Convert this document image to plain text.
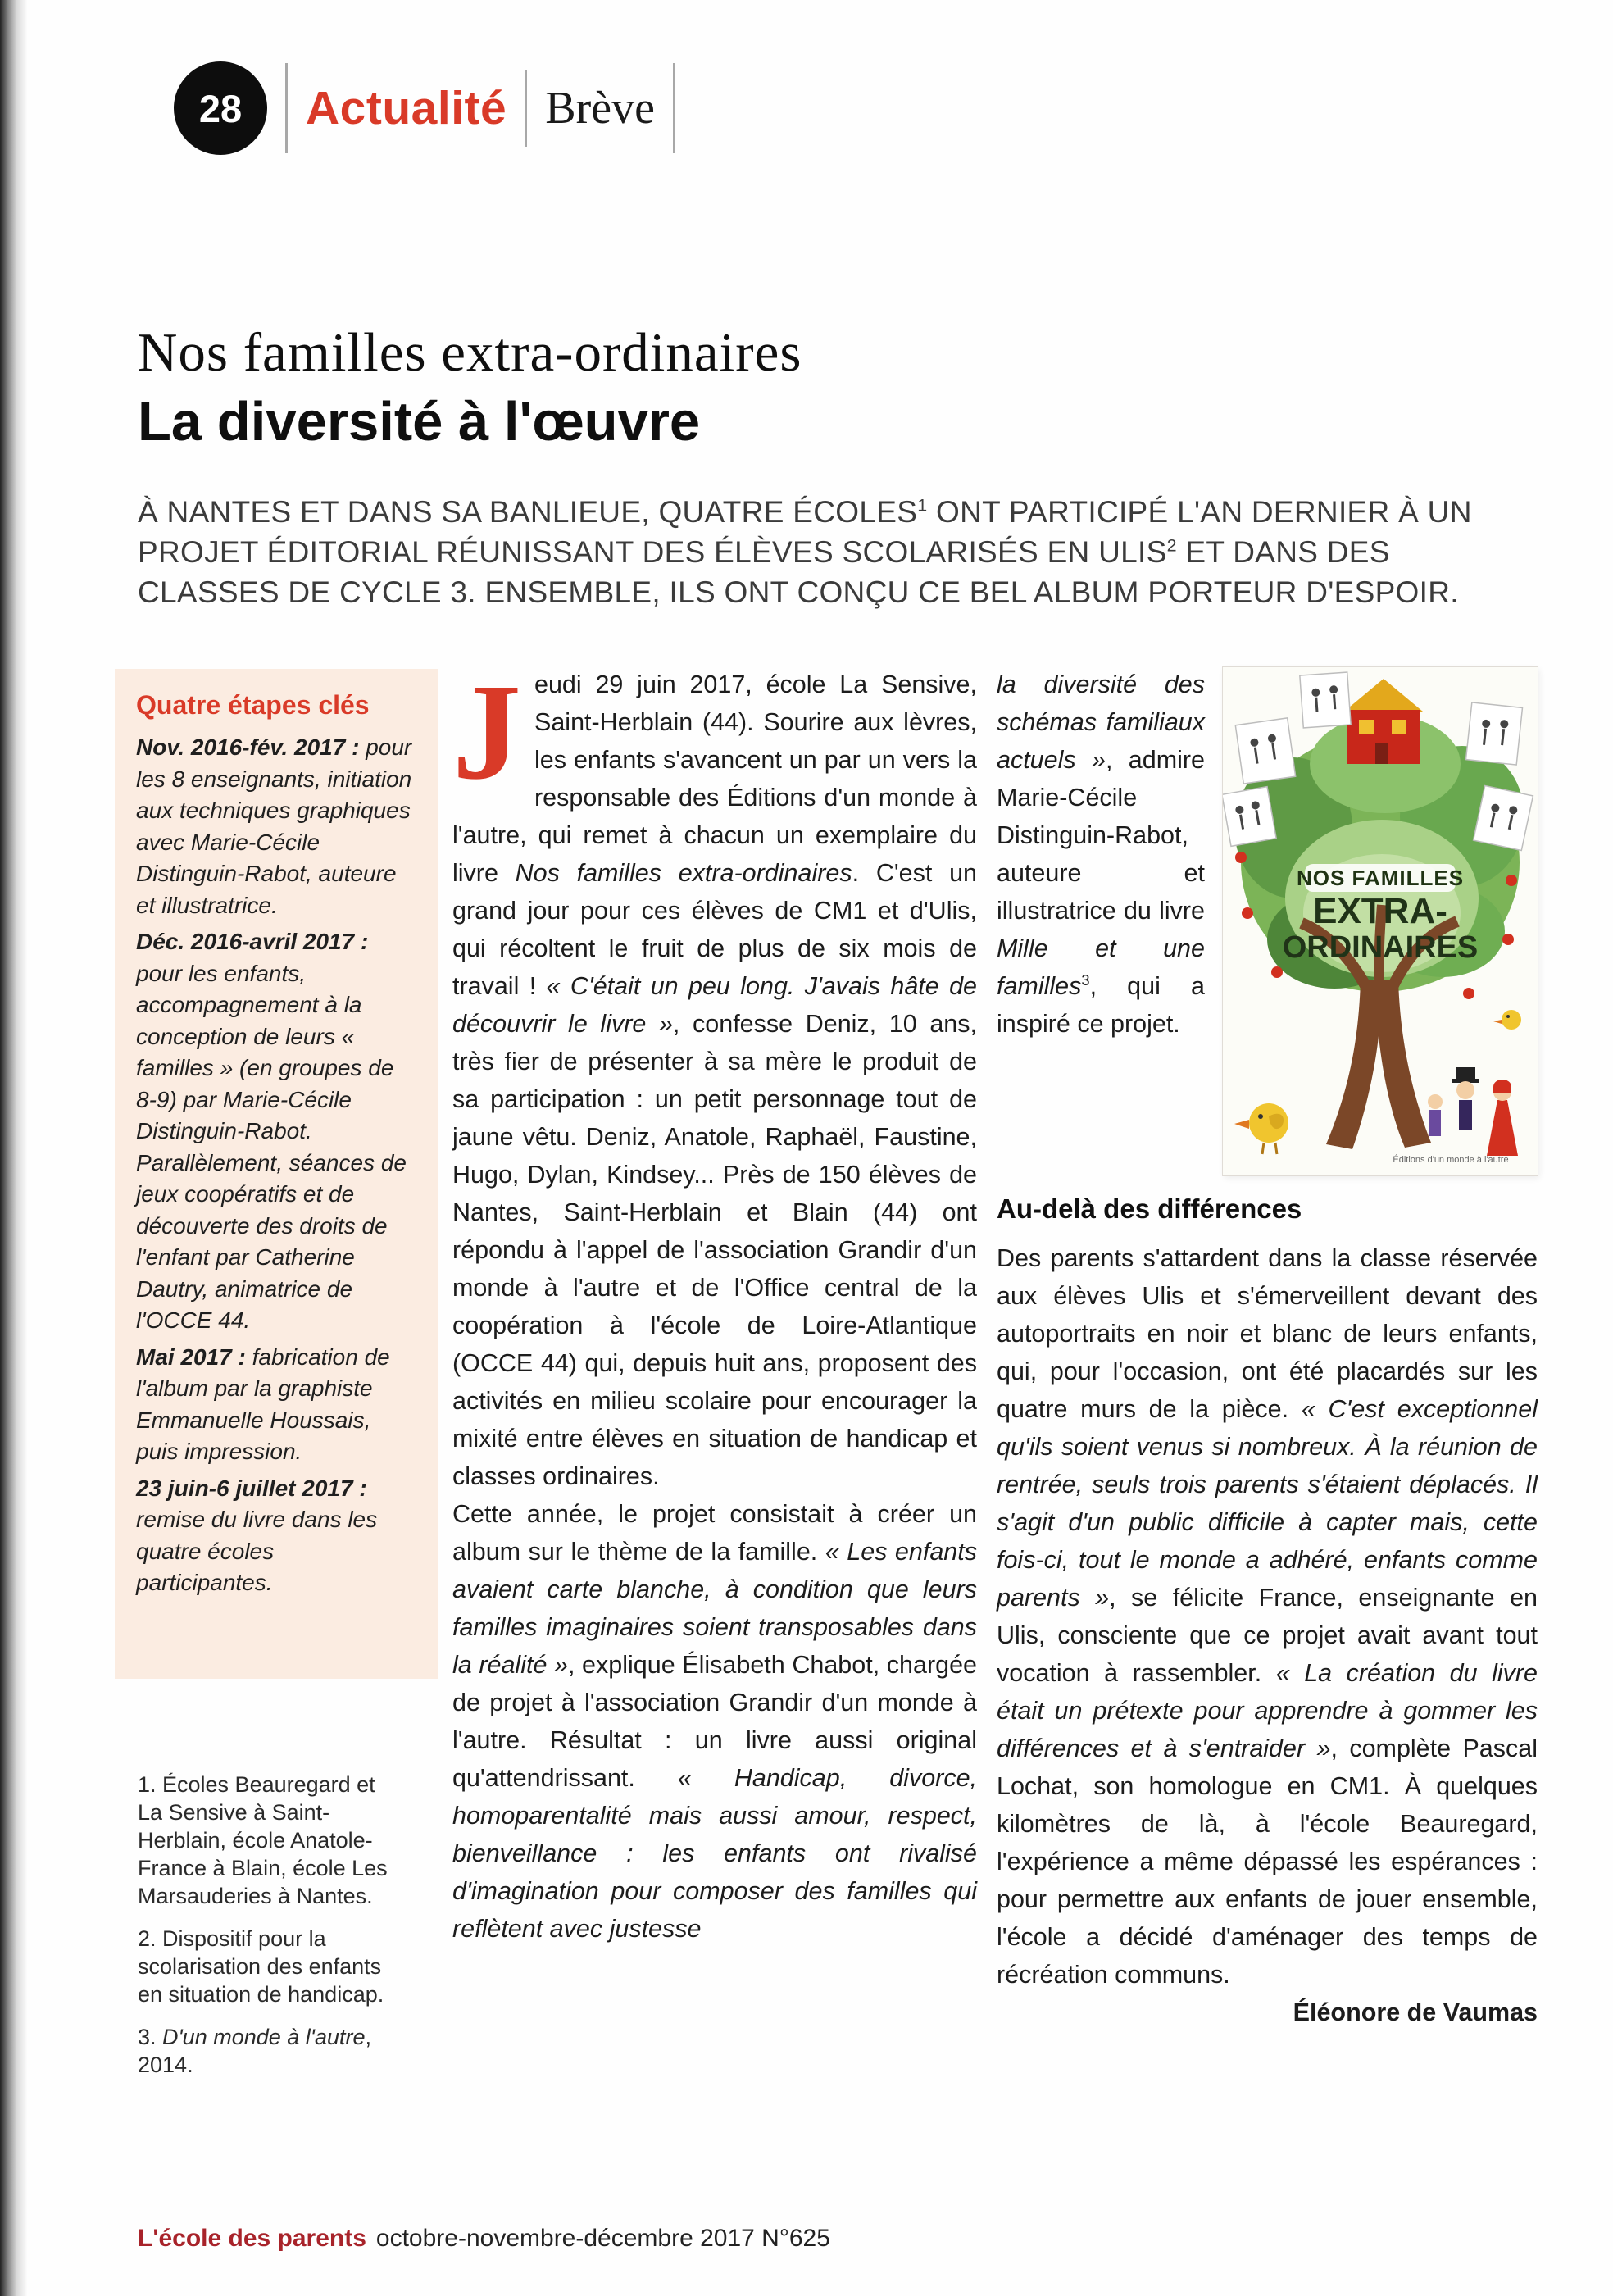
28	Actualité Brève
Nos familles extra-ordinaires
La diversité à l'œuvre

À NANTES ET DANS SA BANLIEUE, QUATRE ÉCOLES$^1$ ONT PARTICIPÉ L'AN DERNIER À UN PROJET ÉDITORIAL RÉUNISSANT DES ÉLÈVES SCOLARISÉS EN ULIS$^2$ ET DANS DES CLASSES DE CYCLE 3. ENSEMBLE, ILS ONT CONÇU CE BEL ALBUM PORTEUR D'ESPOIR.

Quatre étapes clés

Nov. 2016-fév. 2017 : pour les 8 enseignants, initiation aux techniques graphiques avec Marie-Cécile Distinguin-Rabot, auteure et illustratrice.

Déc. 2016-avril 2017 : pour les enfants, accompagnement à la conception de leurs « familles » (en groupes de 8-9) par Marie-Cécile Distinguin-Rabot. Parallèlement, séances de jeux coopératifs et de découverte des droits de l'enfant par Catherine Dautry, animatrice de l'OCCE 44.

Mai 2017 : fabrication de l'album par la graphiste Emmanuelle Houssais, puis impression.

23 juin-6 juillet 2017 : remise du livre dans les quatre écoles participantes.

1. Écoles Beauregard et La Sensive à Saint-Herblain, école Anatole-France à Blain, école Les Marsauderies à Nantes.

2. Dispositif pour la scolarisation des enfants en situation de handicap.

3. D'un monde à l'autre, 2014.

Jeudi 29 juin 2017, école La Sensive, Saint-Herblain (44). Sourire aux lèvres, les enfants s'avancent un par un vers la responsable des Éditions d'un monde à l'autre, qui remet à chacun un exemplaire du livre Nos familles extra-ordinaires. C'est un grand jour pour ces élèves de CM1 et d'Ulis, qui récoltent le fruit de plus de six mois de travail ! « C'était un peu long. J'avais hâte de découvrir le livre », confesse Deniz, 10 ans, très fier de présenter à sa mère le produit de sa participation : un petit personnage tout de jaune vêtu. Deniz, Anatole, Raphaël, Faustine, Hugo, Dylan, Kindsey... Près de 150 élèves de Nantes, Saint-Herblain et Blain (44) ont répondu à l'appel de l'association Grandir d'un monde à l'autre et de l'Office central de la coopération à l'école de Loire-Atlantique (OCCE 44) qui, depuis huit ans, proposent des activités en milieu scolaire pour encourager la mixité entre élèves en situation de handicap et classes ordinaires.

Cette année, le projet consistait à créer un album sur le thème de la famille. « Les enfants avaient carte blanche, à condition que leurs familles imaginaires soient transposables dans la réalité », explique Élisabeth Chabot, chargée de projet à l'association Grandir d'un monde à l'autre. Résultat : un livre aussi original qu'attendrissant. « Handicap, divorce, homoparentalité mais aussi amour, respect, bienveillance : les enfants ont rivalisé d'imagination pour composer des familles qui reflètent avec justesse

NOS FAMILLES
EXTRA-
ORDINAIRES
Éditions d'un monde à l'autre

la diversité des schémas familiaux actuels », admire Marie-Cécile Distinguin-Rabot, auteure et illustratrice du livre Mille et une familles$^3$, qui a inspiré ce projet.

Au-delà des différences

Des parents s'attardent dans la classe réservée aux élèves Ulis et s'émerveillent devant des autoportraits en noir et blanc de leurs enfants, qui, pour l'occasion, ont été placardés sur les quatre murs de la pièce. « C'est exceptionnel qu'ils soient venus si nombreux. À la réunion de rentrée, seuls trois parents s'étaient déplacés. Il s'agit d'un public difficile à capter mais, cette fois-ci, tout le monde a adhéré, enfants comme parents », se félicite France, enseignante en Ulis, consciente que ce projet avait avant tout vocation à rassembler. « La création du livre était un prétexte pour apprendre à gommer les différences et à s'entraider », complète Pascal Lochat, son homologue en CM1. À quelques kilomètres de là, à l'école Beauregard, l'expérience a même dépassé les espérances : pour permettre aux enfants de jouer ensemble, l'école a décidé d'aménager des temps de récréation communs.

Éléonore de Vaumas

L'école des parents octobre-novembre-décembre 2017 N°625
